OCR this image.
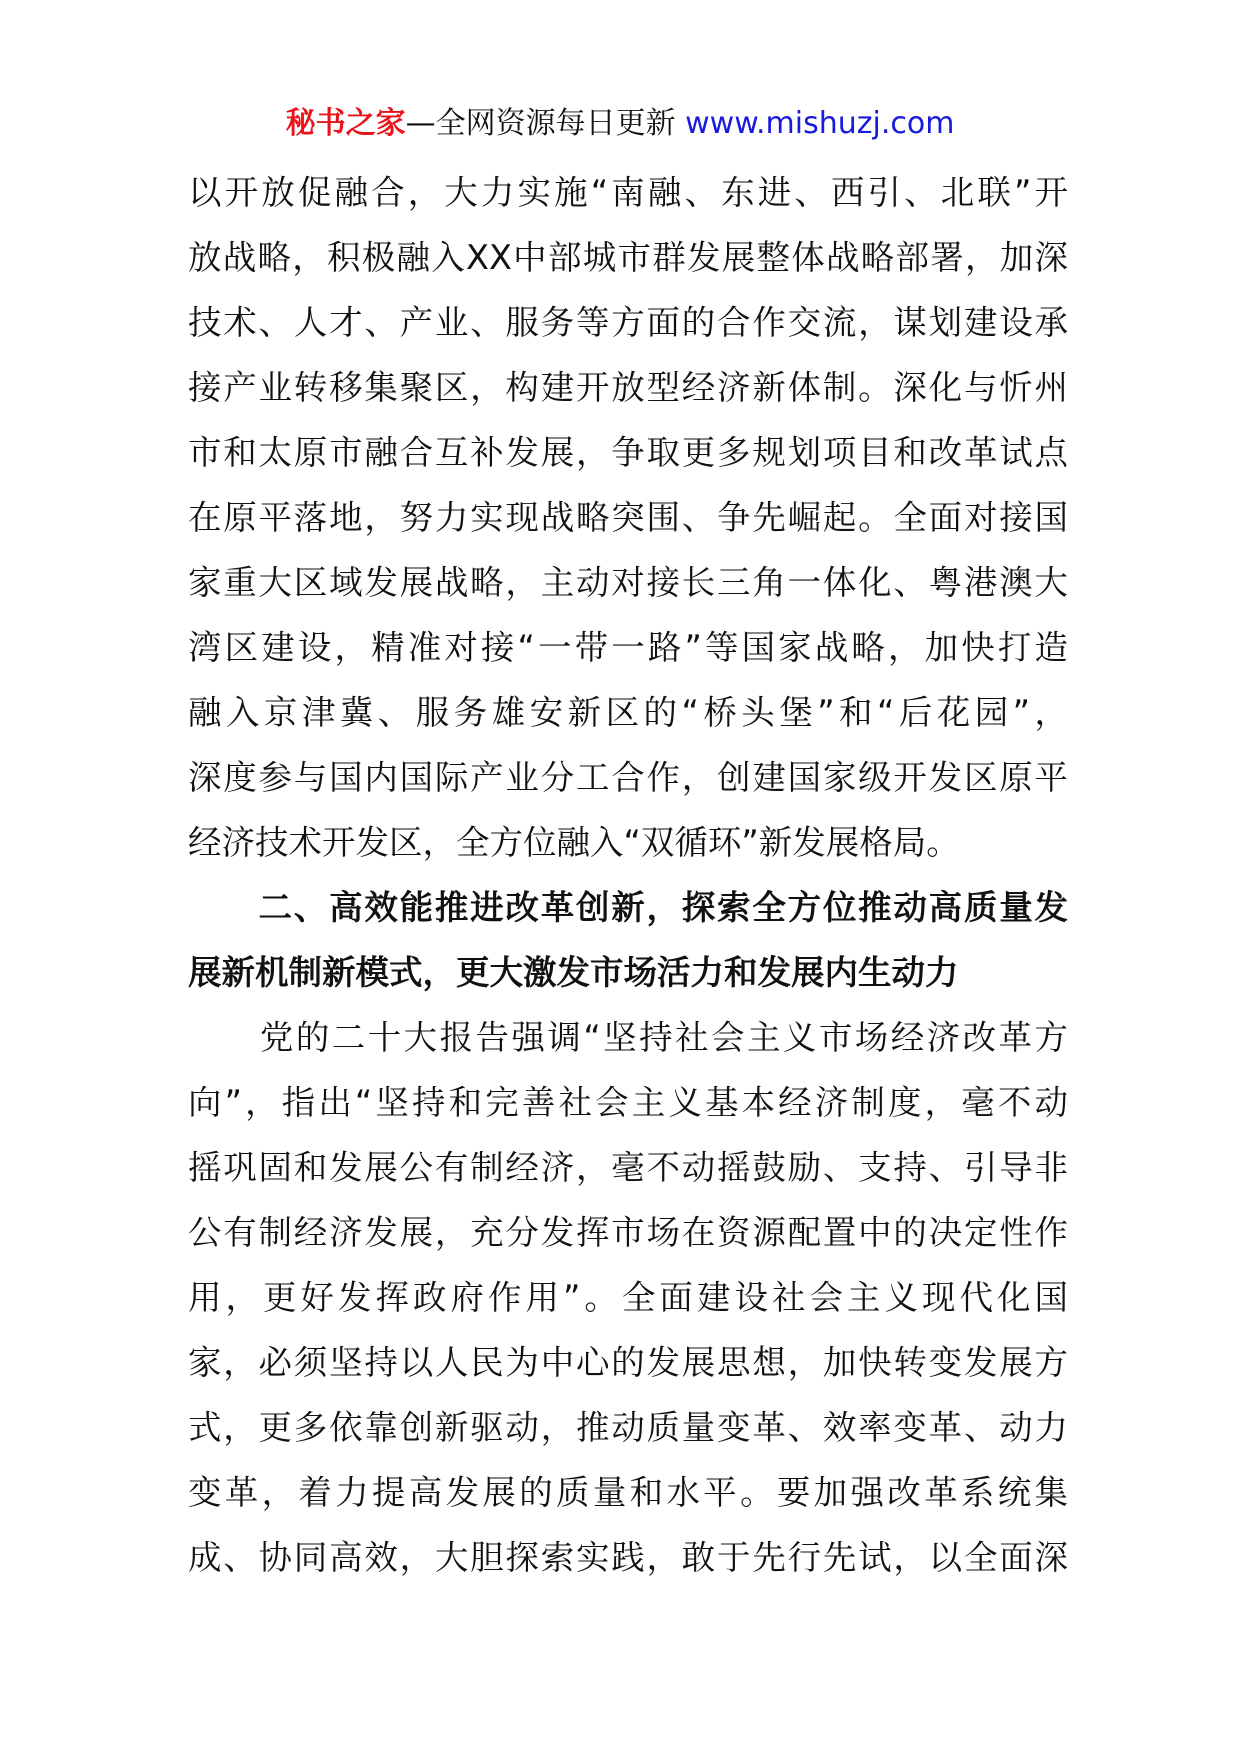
秘书之家—全网资源每日更新 www.mishuzj.com
以开放促融合，大力实施“南融、东进、西引、北联”开
放战略，积极融入XX中部城市群发展整体战略部署，加深
技术、人才、产业、服务等方面的合作交流，谋划建设承
接产业转移集聚区，构建开放型经济新体制。深化与忻州
市和太原市融合互补发展，争取更多规划项目和改革试点
在原平落地，努力实现战略突围、争先崛起。全面对接国
家重大区域发展战略，主动对接长三角一体化、粤港澳大
湾区建设，精准对接“一带一路”等国家战略，加快打造
融入京津冀、服务雄安新区的“桥头堡”和“后花园”，
深度参与国内国际产业分工合作，创建国家级开发区原平
经济技术开发区，全方位融入“双循环”新发展格局。
　　二、高效能推进改革创新，探索全方位推动高质量发
展新机制新模式，更大激发市场活力和发展内生动力
　　党的二十大报告强调“坚持社会主义市场经济改革方
向”，指出“坚持和完善社会主义基本经济制度，毫不动
摇巩固和发展公有制经济，毫不动摇鼓励、支持、引导非
公有制经济发展，充分发挥市场在资源配置中的决定性作
用，更好发挥政府作用”。全面建设社会主义现代化国
家，必须坚持以人民为中心的发展思想，加快转变发展方
式，更多依靠创新驱动，推动质量变革、效率变革、动力
变革，着力提高发展的质量和水平。要加强改革系统集
成、协同高效，大胆探索实践，敢于先行先试，以全面深
